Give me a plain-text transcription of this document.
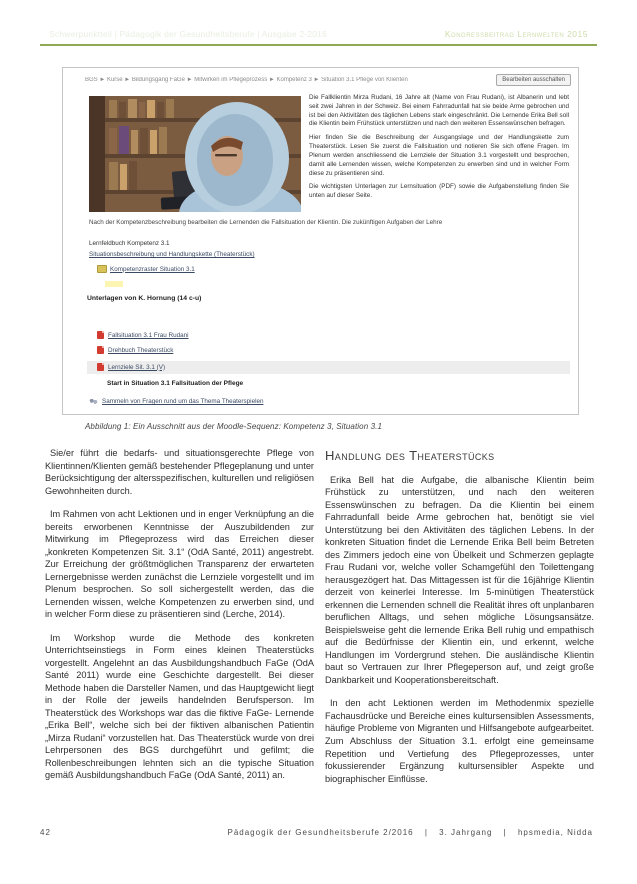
Schwerpunktteil | Pädagogik der Gesundheitsberufe | Ausgabe 2-2016	Kongressbeitrag Lernwelten 2015
BGS ► Kurse ► Bildungsgang FaGe ► Mitwirken im Pflegeprozess ► Kompetenz 3 ► Situation 3.1 Pflege von Klienten	Bearbeiten ausschalten

Die Fallklientin Mirza Rudani, 16 Jahre alt (Name von Frau Rudani), ist Albanerin und lebt seit zwei Jahren in der Schweiz. Bei einem Fahrradunfall hat sie beide Arme gebrochen und ist bei den Aktivitäten des täglichen Lebens stark eingeschränkt. Die Lernende Erika Bell soll die Klientin beim Frühstück unterstützen und nach den weiteren Essenswünschen befragen.

Hier finden Sie die Beschreibung der Ausgangslage und der Handlungskette zum Theaterstück. Lesen Sie zuerst die Fallsituation und notieren Sie sich offene Fragen. Im Plenum werden anschliessend die Lernziele der Situation 3.1 vorgestellt und besprochen, damit alle Lernenden wissen, welche Kompetenzen zu erwerben sind und in welcher Form diese zu präsentieren sind.

Die wichtigsten Unterlagen zur Lernsituation (PDF) sowie die Aufgabenstellung finden Sie unten auf dieser Seite.

Nach der Kompetenzbeschreibung bearbeiten die Lernenden die Fallsituation der Klientin. Die zukünftigen Aufgaben der Lehre
Lernfeldbuch Kompetenz 3.1
Situationsbeschreibung und Handlungskette (Theaterstück)
Kompetenzraster Situation 3.1
Unterlagen von K. Hornung (14 c-u)
Fallsituation 3.1 Frau Rudani
Drehbuch Theaterstück
Lernziele Sit. 3.1 (V)
Start in Situation 3.1 Fallsituation der Pflege
Sammeln von Fragen rund um das Thema Theaterspielen
Abbildung 1: Ein Ausschnitt aus der Moodle-Sequenz: Kompetenz 3, Situation 3.1

Sie/er führt die bedarfs- und situationsgerechte Pflege von Klientinnen/Klienten gemäß bestehender Pflegeplanung und unter Berücksichtigung der altersspezifischen, kulturellen und religiösen Gewohnheiten durch.

Im Rahmen von acht Lektionen und in enger Verknüpfung an die bereits erworbenen Kenntnisse der Auszubildenden zur Mitwirkung im Pflegeprozess wird das Erreichen dieser „konkreten Kompetenzen Sit. 3.1“ (OdA Santé, 2011) angestrebt. Zur Erreichung der größtmöglichen Transparenz der erwarteten Lernergebnisse werden zunächst die Lernziele vorgestellt und im Plenum besprochen. So soll sichergestellt werden, das die Lernenden wissen, welche Kompetenzen zu erwerben sind, und in welcher Form diese zu präsentieren sind (Lerche, 2014).

Im Workshop wurde die Methode des konkreten Unterrichtseinstiegs in Form eines kleinen Theaterstücks vorgestellt. Angelehnt an das Ausbildungshandbuch FaGe (OdA Santé 2011) wurde eine Geschichte dargestellt. Bei dieser Methode haben die Darsteller Namen, und das Hauptgewicht liegt in der Rolle der jeweils handelnden Berufsperson. Im Theaterstück des Workshops war das die fiktive FaGe- Lernende „Erika Bell“, welche sich bei der fiktiven albanischen Patientin „Mirza Rudani“ vorzustellen hat. Das Theaterstück wurde von drei Lehrpersonen des BGS durchgeführt und gefilmt; die Rollenbeschreibungen lehnten sich an die typische Situation gemäß Ausbildungshandbuch FaGe (OdA Santé, 2011) an.

Handlung des Theaterstücks

Erika Bell hat die Aufgabe, die albanische Klientin beim Frühstück zu unterstützen, und nach den weiteren Essenswünschen zu befragen. Da die Klientin bei einem Fahrradunfall beide Arme gebrochen hat, benötigt sie viel Unterstützung bei den Aktivitäten des täglichen Lebens. In der konkreten Situation findet die Lernende Erika Bell beim Betreten des Zimmers jedoch eine von Übelkeit und Schmerzen geplagte Frau Rudani vor, welche voller Schamgefühl den Toilettengang herausgezögert hat. Das Mittagessen ist für die 16jährige Klientin derzeit von keinerlei Interesse. Im 5-minütigen Theaterstück erkennen die Lernenden schnell die Realität ihres oft unplanbaren beruflichen Alltags, und sehen mögliche Lösungsansätze. Beispielsweise geht die lernende Erika Bell ruhig und empathisch auf die Bedürfnisse der Klientin ein, und erkennt, welche Handlungen im Vordergrund stehen. Die ausländische Klientin baut so Vertrauen zur Ihrer Pflegeperson auf, und zeigt große Dankbarkeit und Kooperationsbereitschaft.

In den acht Lektionen werden im Methodenmix spezielle Fachausdrücke und Bereiche eines kultursensiblen Assessments, häufige Probleme von Migranten und Hilfsangebote aufgearbeitet. Zum Abschluss der Situation 3.1. erfolgt eine gemeinsame Repetition und Vertiefung des Pflegeprozesses, unter fokussierender Ergänzung kultursensibler Aspekte und biographischer Einflüsse.

42	Pädagogik der Gesundheitsberufe 2/2016 | 3. Jahrgang | hpsmedia, Nidda
